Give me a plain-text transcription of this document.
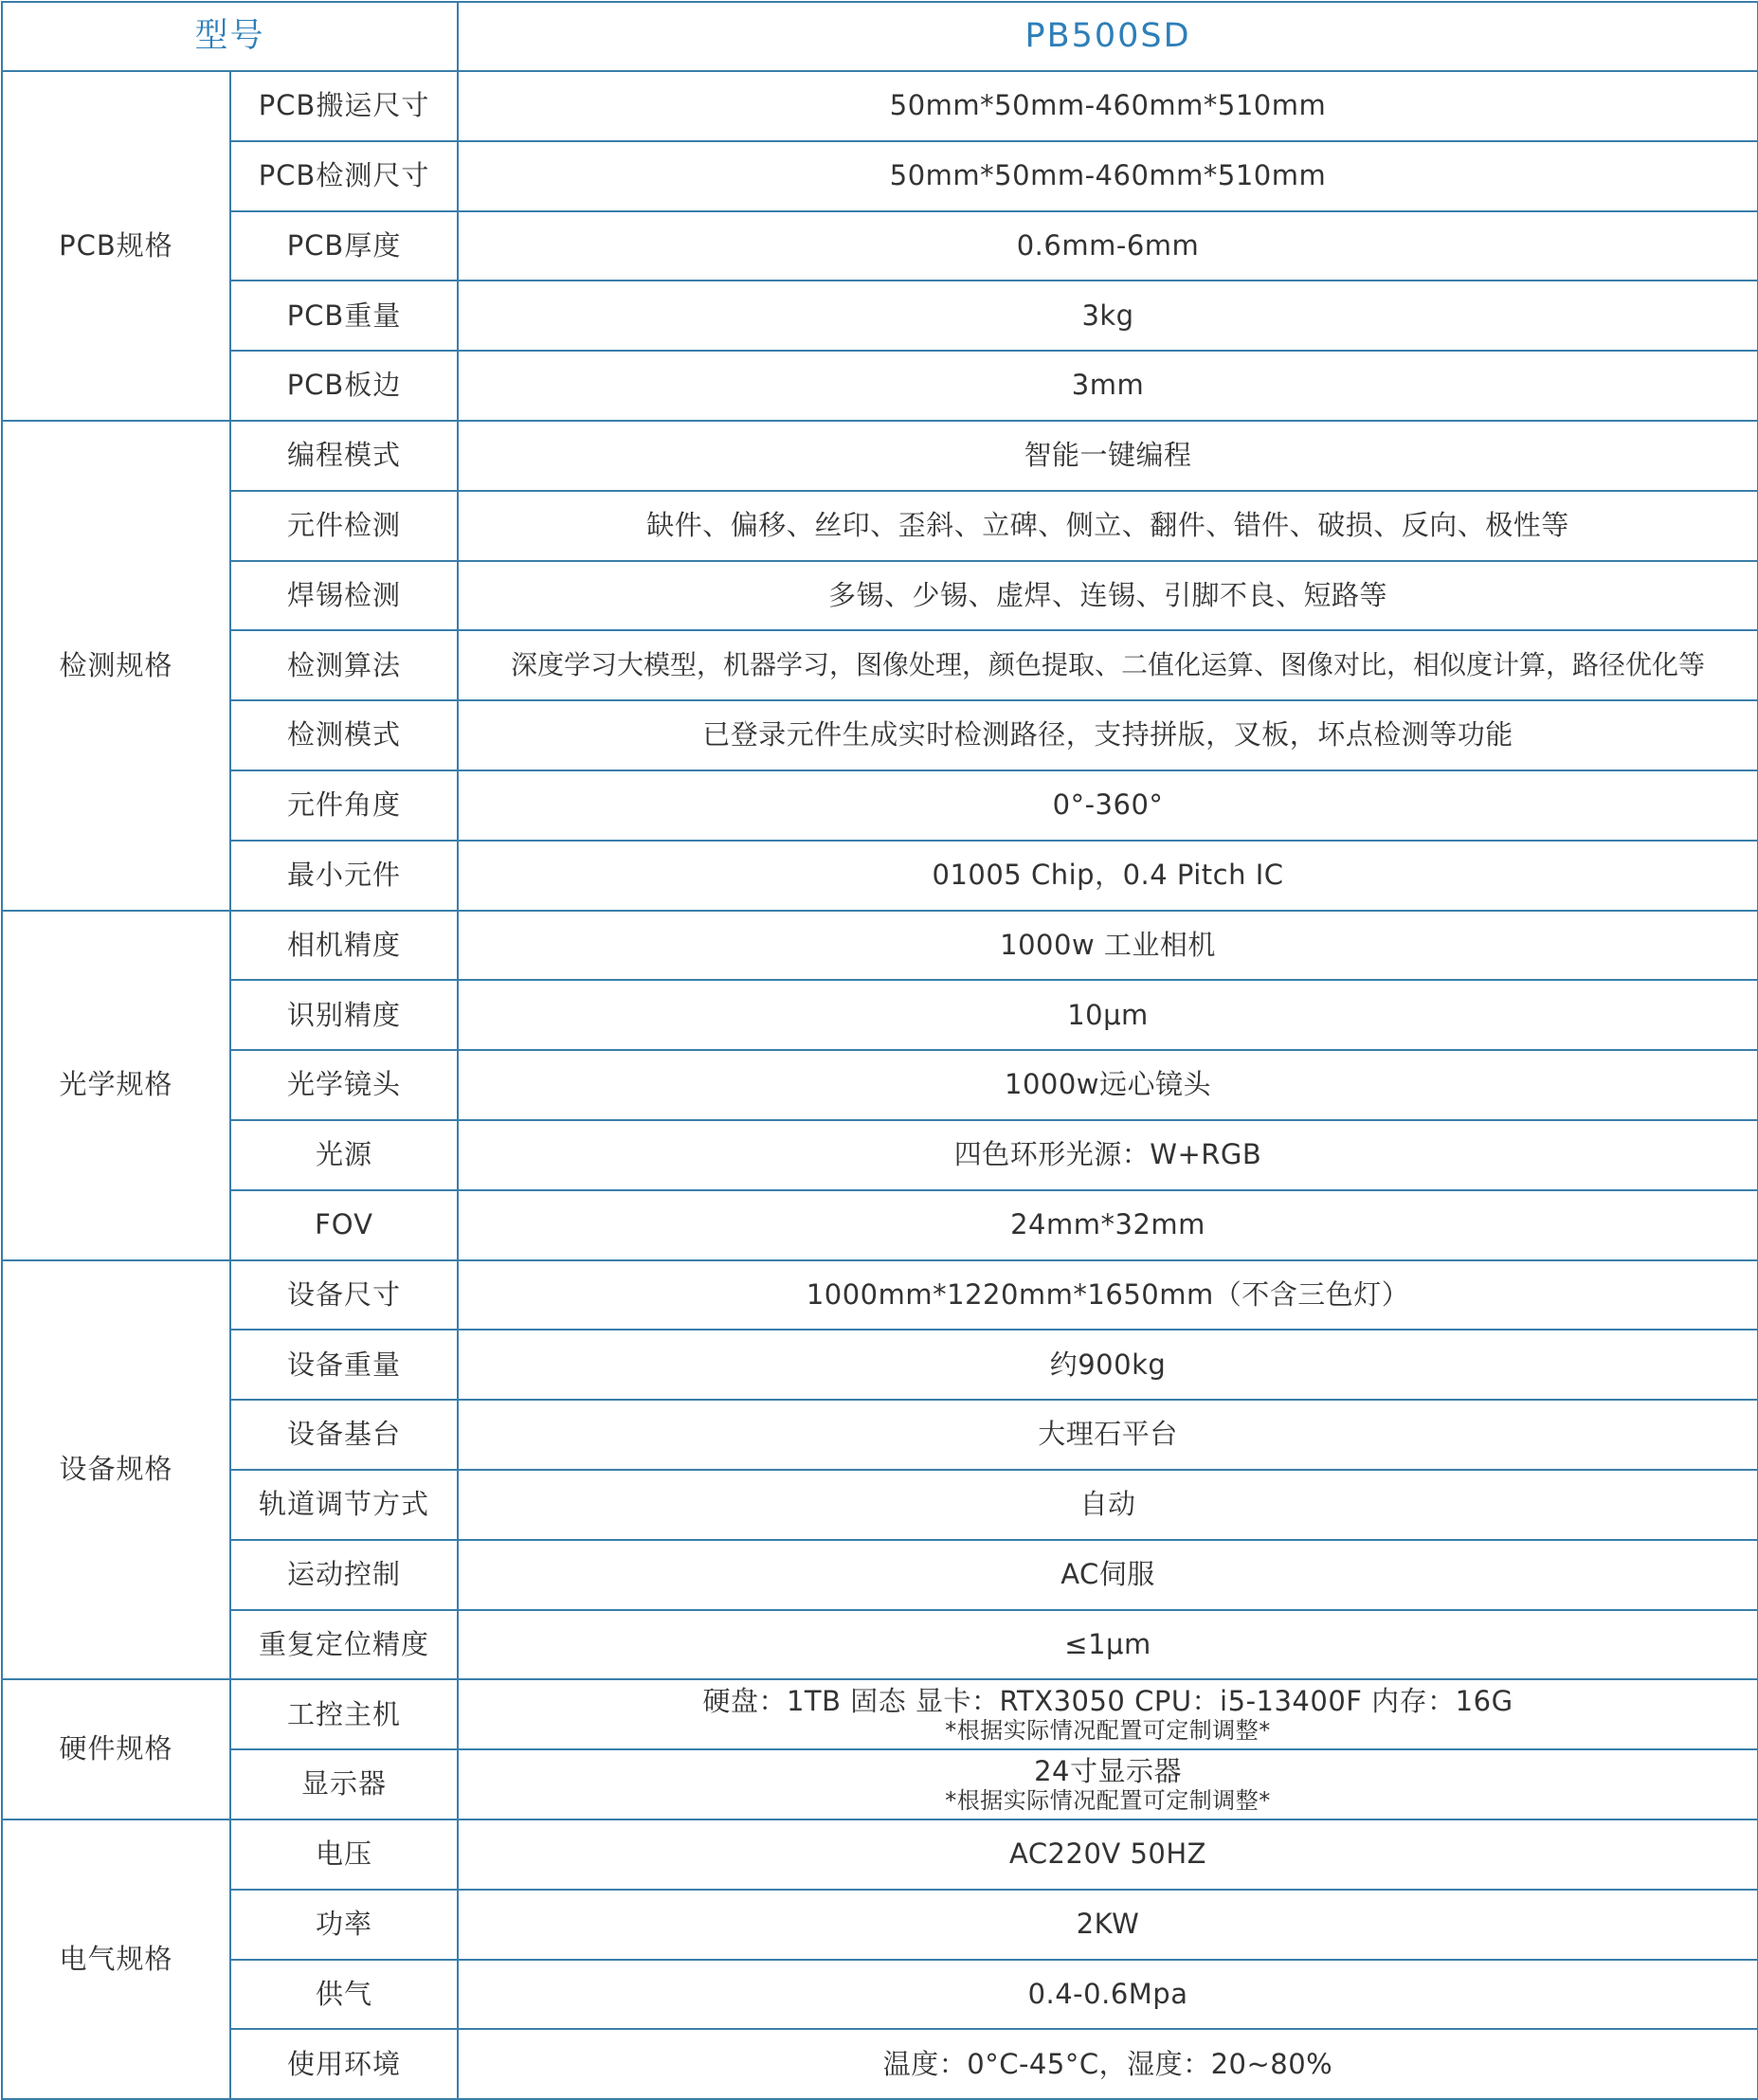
型号		PB500SD
PCB规格	PCB搬运尺寸	50mm*50mm-460mm*510mm
	PCB检测尺寸	50mm*50mm-460mm*510mm
	PCB厚度	0.6mm-6mm
	PCB重量	3kg
	PCB板边	3mm
检测规格	编程模式	智能一键编程
	元件检测	缺件、偏移、丝印、歪斜、立碑、侧立、翻件、错件、破损、反向、极性等
	焊锡检测	多锡、少锡、虚焊、连锡、引脚不良、短路等
	检测算法	深度学习大模型，机器学习，图像处理，颜色提取、二值化运算、图像对比，相似度计算，路径优化等
	检测模式	已登录元件生成实时检测路径，支持拼版，叉板，坏点检测等功能
	元件角度	0°-360°
	最小元件	01005 Chip，0.4 Pitch IC
光学规格	相机精度	1000w 工业相机
	识别精度	10μm
	光学镜头	1000w远心镜头
	光源	四色环形光源：W+RGB
	FOV	24mm*32mm
设备规格	设备尺寸	1000mm*1220mm*1650mm（不含三色灯）
	设备重量	约900kg
	设备基台	大理石平台
	轨道调节方式	自动
	运动控制	AC伺服
	重复定位精度	≤1μm
硬件规格	工控主机	硬盘：1TB 固态 显卡：RTX3050 CPU：i5-13400F 内存：16G
*根据实际情况配置可定制调整*

	显示器	24寸显示器
*根据实际情况配置可定制调整*

电气规格	电压	AC220V 50HZ
	功率	2KW
	供气	0.4-0.6Mpa
	使用环境	温度：0°C-45°C，湿度：20~80%
